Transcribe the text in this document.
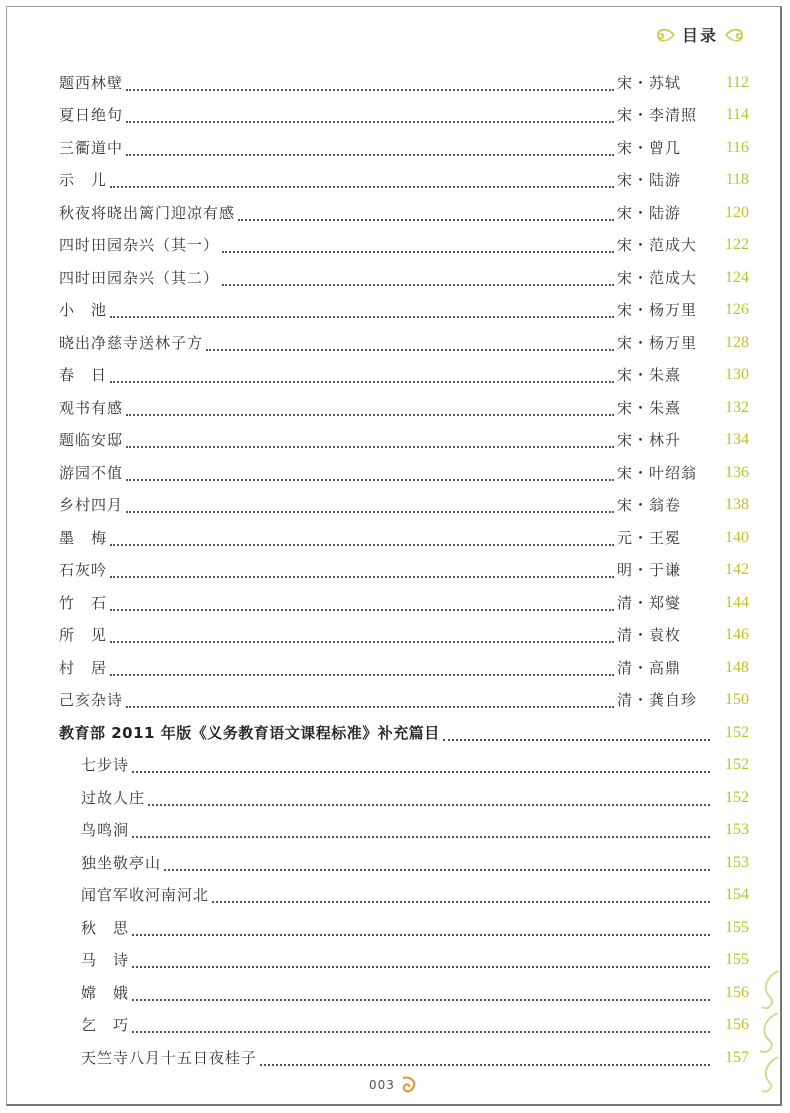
目录
题西林壁	宋・苏轼	112
夏日绝句	宋・李清照	114
三衢道中	宋・曾几	116
示　儿	宋・陆游	118
秋夜将晓出篱门迎凉有感	宋・陆游	120
四时田园杂兴（其一）	宋・范成大	122
四时田园杂兴（其二）	宋・范成大	124
小　池	宋・杨万里	126
晓出净慈寺送林子方	宋・杨万里	128
春　日	宋・朱熹	130
观书有感	宋・朱熹	132
题临安邸	宋・林升	134
游园不值	宋・叶绍翁	136
乡村四月	宋・翁卷	138
墨　梅	元・王冕	140
石灰吟	明・于谦	142
竹　石	清・郑燮	144
所　见	清・袁枚	146
村　居	清・高鼎	148
己亥杂诗	清・龚自珍	150
教育部 2011 年版《义务教育语文课程标准》补充篇目	152
七步诗	152
过故人庄	152
鸟鸣涧	153
独坐敬亭山	153
闻官军收河南河北	154
秋　思	155
马　诗	155
嫦　娥	156
乞　巧	156
天竺寺八月十五日夜桂子	157
003
